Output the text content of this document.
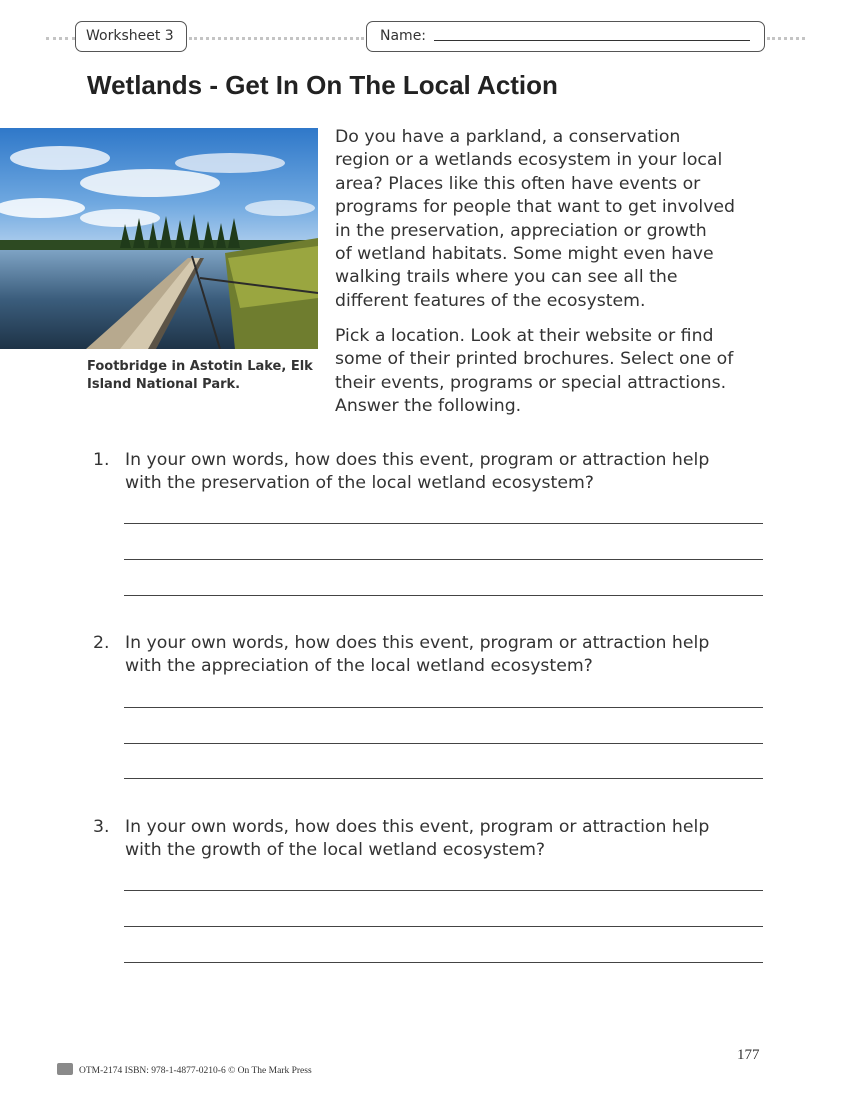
Worksheet 3	Name:
Wetlands - Get In On The Local Action

Footbridge in Astotin Lake, Elk Island National Park.

Do you have a parkland, a conservation
region or a wetlands ecosystem in your local
area? Places like this often have events or
programs for people that want to get involved
in the preservation, appreciation or growth
of wetland habitats. Some might even have
walking trails where you can see all the
different features of the ecosystem.
Pick a location. Look at their website or find
some of their printed brochures. Select one of
their events, programs or special attractions.
Answer the following.
1. In your own words, how does this event, program or attraction help
with the preservation of the local wetland ecosystem?
2. In your own words, how does this event, program or attraction help
with the appreciation of the local wetland ecosystem?
3. In your own words, how does this event, program or attraction help
with the growth of the local wetland ecosystem?
177
OTM-2174 ISBN: 978-1-4877-0210-6 © On The Mark Press
